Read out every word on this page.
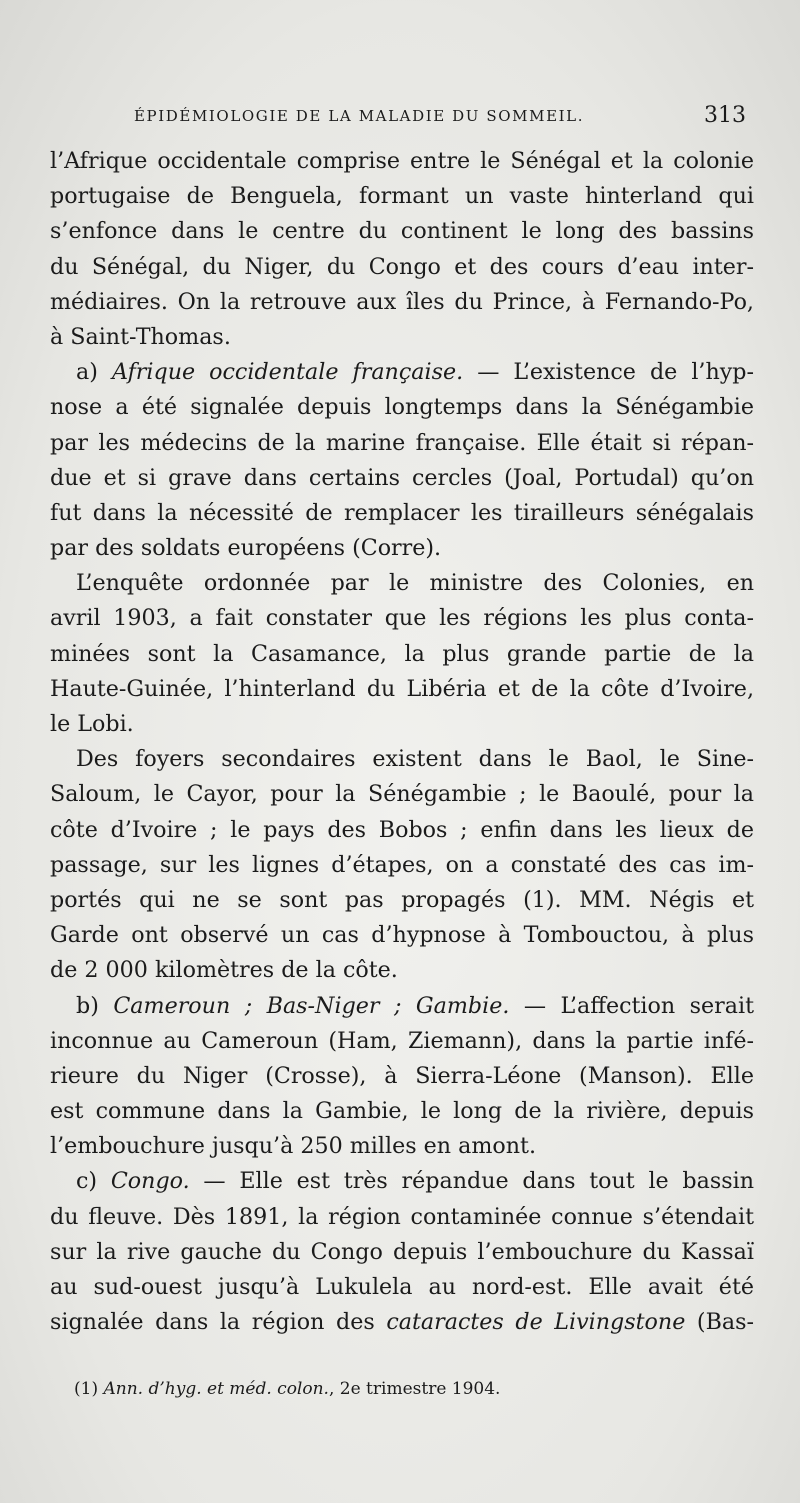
ÉPIDÉMIOLOGIE DE LA MALADIE DU SOMMEIL.	313
l’Afrique occidentale comprise entre le Sénégal et la colonie
portugaise de Benguela, formant un vaste hinterland qui
s’enfonce dans le centre du continent le long des bassins
du Sénégal, du Niger, du Congo et des cours d’eau inter-
médiaires. On la retrouve aux îles du Prince, à Fernando-Po,
à Saint-Thomas.
a) Afrique occidentale française. — L’existence de l’hyp-
nose a été signalée depuis longtemps dans la Sénégambie
par les médecins de la marine française. Elle était si répan-
due et si grave dans certains cercles (Joal, Portudal) qu’on
fut dans la nécessité de remplacer les tirailleurs sénégalais
par des soldats européens (Corre).
L’enquête ordonnée par le ministre des Colonies, en
avril 1903, a fait constater que les régions les plus conta-
minées sont la Casamance, la plus grande partie de la
Haute-Guinée, l’hinterland du Libéria et de la côte d’Ivoire,
le Lobi.
Des foyers secondaires existent dans le Baol, le Sine-
Saloum, le Cayor, pour la Sénégambie ; le Baoulé, pour la
côte d’Ivoire ; le pays des Bobos ; enfin dans les lieux de
passage, sur les lignes d’étapes, on a constaté des cas im-
portés qui ne se sont pas propagés (1). MM. Négis et
Garde ont observé un cas d’hypnose à Tombouctou, à plus
de 2 000 kilomètres de la côte.
b) Cameroun ; Bas-Niger ; Gambie. — L’affection serait
inconnue au Cameroun (Ham, Ziemann), dans la partie infé-
rieure du Niger (Crosse), à Sierra-Léone (Manson). Elle
est commune dans la Gambie, le long de la rivière, depuis
l’embouchure jusqu’à 250 milles en amont.
c) Congo. — Elle est très répandue dans tout le bassin
du fleuve. Dès 1891, la région contaminée connue s’étendait
sur la rive gauche du Congo depuis l’embouchure du Kassaï
au sud-ouest jusqu’à Lukulela au nord-est. Elle avait été
signalée dans la région des cataractes de Livingstone (Bas-
(1) Ann. d’hyg. et méd. colon., 2e trimestre 1904.
